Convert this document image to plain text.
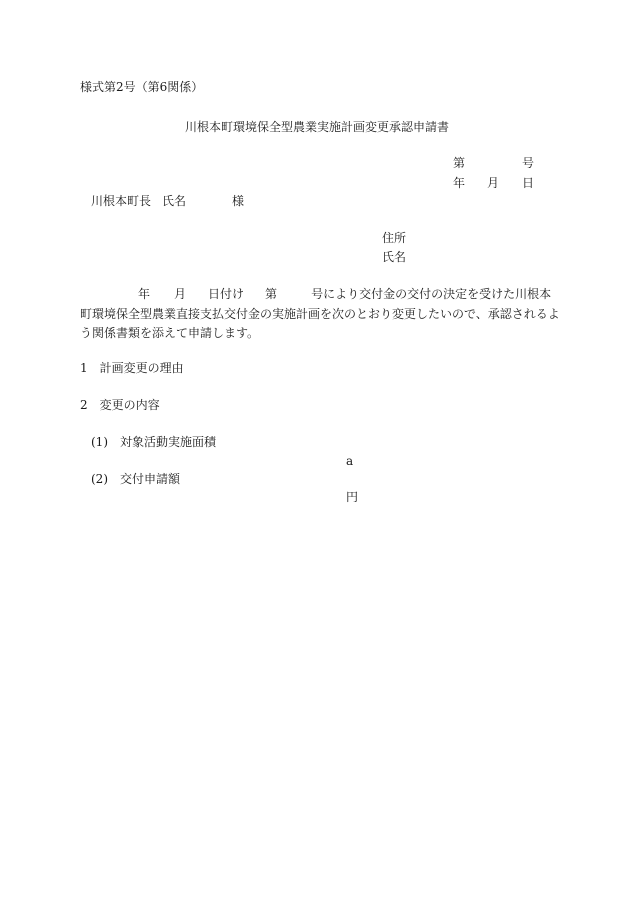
様式第2号（第6関係）
川根本町環境保全型農業実施計画変更承認申請書
第	号
年 月 日
川根本町長 氏名	様
住所
氏名
年 月 日付け 第	号により交付金の交付の決定を受けた川根本
町環境保全型農業直接支払交付金の実施計画を次のとおり変更したいので、承認されるよ
う関係書類を添えて申請します。
1　計画変更の理由
2　変更の内容
(1)　対象活動実施面積
a
(2)　交付申請額
円
